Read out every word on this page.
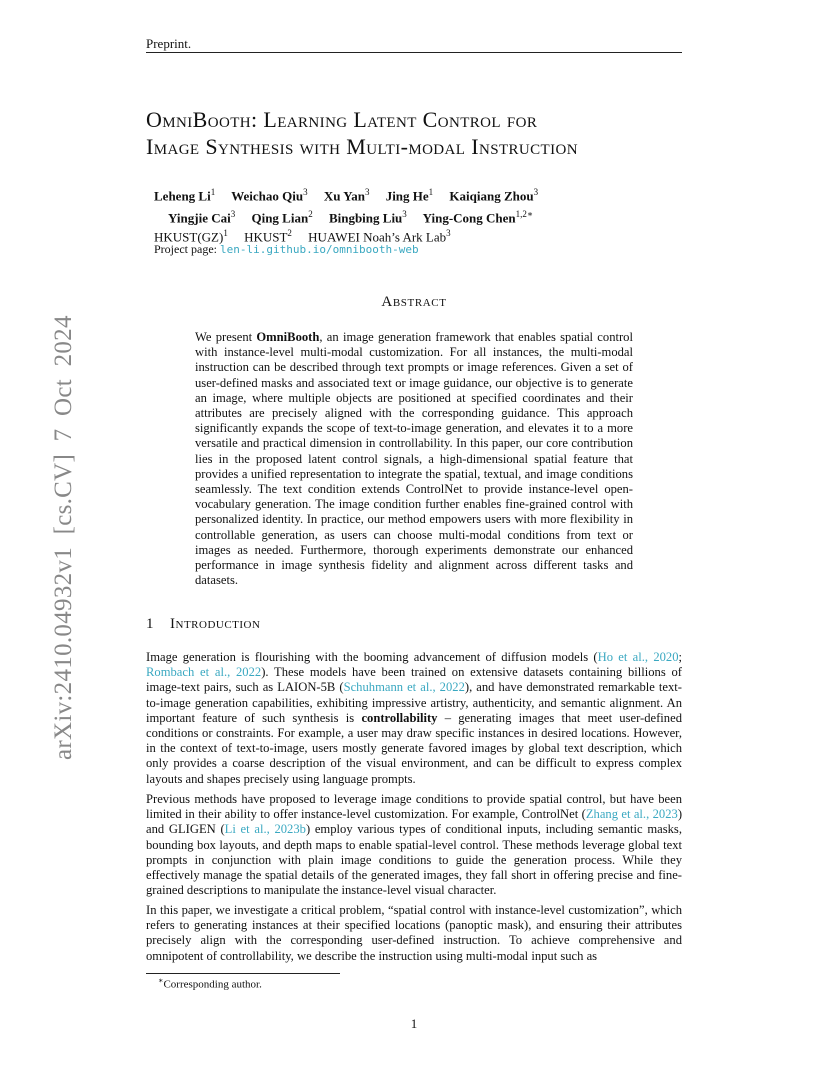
Preprint.
OmniBooth: Learning Latent Control for
Image Synthesis with Multi-modal Instruction
Leheng Li$^1$ Weichao Qiu$^3$ Xu Yan$^3$ Jing He$^1$ Kaiqiang Zhou$^3$
Yingjie Cai$^3$ Qing Lian$^2$ Bingbing Liu$^3$ Ying-Cong Chen$^{1,2∗}$
HKUST(GZ)$^1$ HKUST$^2$ HUAWEI Noah’s Ark Lab$^3$
Project page: len-li.github.io/omnibooth-web
arXiv:2410.04932v1 [cs.CV] 7 Oct 2024
Abstract
We present OmniBooth, an image generation framework that enables spatial control with instance-level multi-modal customization. For all instances, the multi-modal instruction can be described through text prompts or image references. Given a set of user-defined masks and associated text or image guidance, our objective is to generate an image, where multiple objects are positioned at specified coordinates and their attributes are precisely aligned with the corresponding guidance. This approach significantly expands the scope of text-to-image generation, and elevates it to a more versatile and practical dimension in controllability. In this paper, our core contribution lies in the proposed latent control signals, a high-dimensional spatial feature that provides a unified representation to integrate the spatial, textual, and image conditions seamlessly. The text condition extends ControlNet to provide instance-level open-vocabulary generation. The image condition further enables fine-grained control with personalized identity. In practice, our method empowers users with more flexibility in controllable generation, as users can choose multi-modal conditions from text or images as needed. Furthermore, thorough experiments demonstrate our enhanced performance in image synthesis fidelity and alignment across different tasks and datasets.
1 Introduction
Image generation is flourishing with the booming advancement of diffusion models (Ho et al., 2020; Rombach et al., 2022). These models have been trained on extensive datasets containing billions of image-text pairs, such as LAION-5B (Schuhmann et al., 2022), and have demonstrated remarkable text-to-image generation capabilities, exhibiting impressive artistry, authenticity, and semantic alignment. An important feature of such synthesis is controllability – generating images that meet user-defined conditions or constraints. For example, a user may draw specific instances in desired locations. However, in the context of text-to-image, users mostly generate favored images by global text description, which only provides a coarse description of the visual environment, and can be difficult to express complex layouts and shapes precisely using language prompts.
Previous methods have proposed to leverage image conditions to provide spatial control, but have been limited in their ability to offer instance-level customization. For example, ControlNet (Zhang et al., 2023) and GLIGEN (Li et al., 2023b) employ various types of conditional inputs, including semantic masks, bounding box layouts, and depth maps to enable spatial-level control. These methods leverage global text prompts in conjunction with plain image conditions to guide the generation process. While they effectively manage the spatial details of the generated images, they fall short in offering precise and fine-grained descriptions to manipulate the instance-level visual character.
In this paper, we investigate a critical problem, “spatial control with instance-level customization”, which refers to generating instances at their specified locations (panoptic mask), and ensuring their attributes precisely align with the corresponding user-defined instruction. To achieve comprehensive and omnipotent of controllability, we describe the instruction using multi-modal input such as
∗Corresponding author.
1
